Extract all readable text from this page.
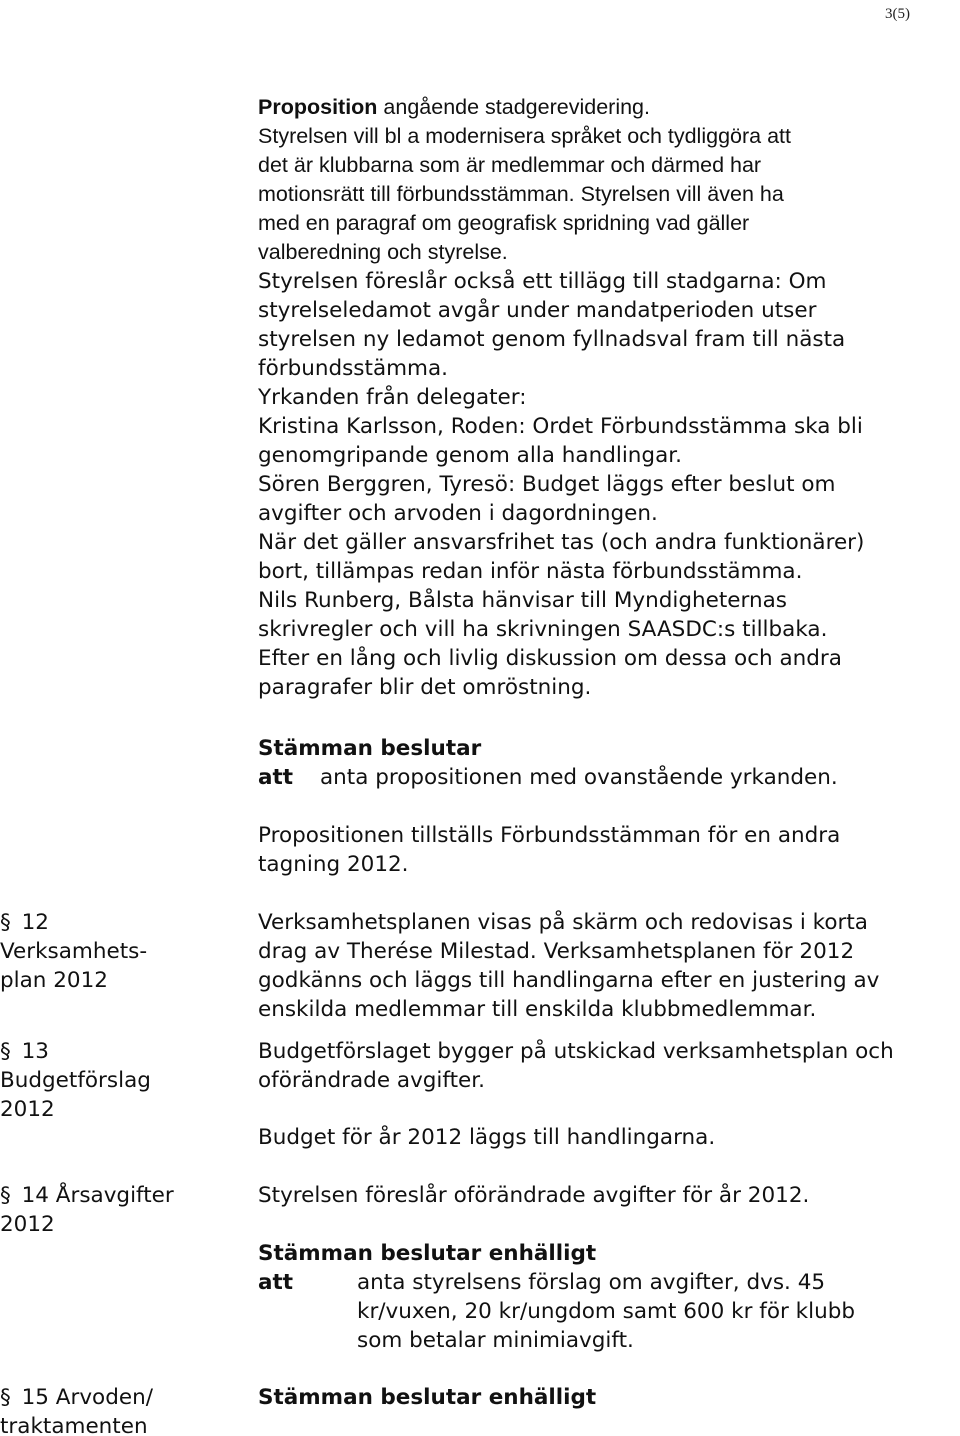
3(5)

Proposition angående stadgerevidering.

Styrelsen vill bl a modernisera språket och tydliggöra att

det är klubbarna som är medlemmar och därmed har

motionsrätt till förbundsstämman. Styrelsen vill även ha

med en paragraf om geografisk spridning vad gäller

valberedning och styrelse.

Styrelsen föreslår också ett tillägg till stadgarna: Om

styrelseledamot avgår under mandatperioden utser

styrelsen ny ledamot genom fyllnadsval fram till nästa

förbundsstämma.

Yrkanden från delegater:

Kristina Karlsson, Roden: Ordet Förbundsstämma ska bli

genomgripande genom alla handlingar.

Sören Berggren, Tyresö: Budget läggs efter beslut om

avgifter och arvoden i dagordningen.

När det gäller ansvarsfrihet tas (och andra funktionärer)

bort, tillämpas redan inför nästa förbundsstämma.

Nils Runberg, Bålsta hänvisar till Myndigheternas

skrivregler och vill ha skrivningen SAASDC:s tillbaka.

Efter en lång och livlig diskussion om dessa och andra

paragrafer blir det omröstning.

Stämman beslutar

att	anta propositionen med ovanstående yrkanden.

Propositionen tillställs Förbundsstämman för en andra

tagning 2012.

§ 12

Verksamhets-

plan 2012

§ 13

Budgetförslag

2012

§ 14 Årsavgifter

2012

§ 15 Arvoden/

traktamenten

Verksamhetsplanen visas på skärm och redovisas i korta

drag av Therése Milestad. Verksamhetsplanen för 2012

godkänns och läggs till handlingarna efter en justering av

enskilda medlemmar till enskilda klubbmedlemmar.

Budgetförslaget bygger på utskickad verksamhetsplan och

oförändrade avgifter.

Budget för år 2012 läggs till handlingarna.

Styrelsen föreslår oförändrade avgifter för år 2012.

Stämman beslutar enhälligt

att	anta styrelsens förslag om avgifter, dvs. 45

kr/vuxen, 20 kr/ungdom samt 600 kr för klubb

som betalar minimiavgift.

Stämman beslutar enhälligt
